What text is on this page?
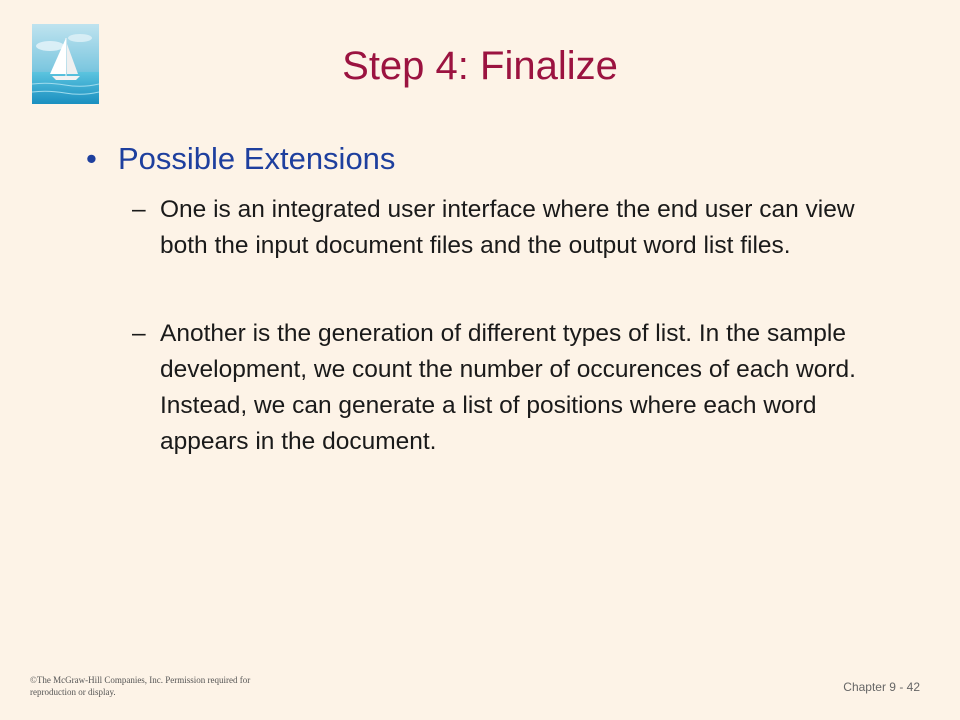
Step 4: Finalize
• Possible Extensions
– One is an integrated user interface where the end user can view both the input document files and the output word list files.
– Another is the generation of different types of list. In the sample development, we count the number of occurences of each word. Instead, we can generate a list of positions where each word appears in the document.
©The McGraw-Hill Companies, Inc. Permission required for reproduction or display.	Chapter 9 - 42
